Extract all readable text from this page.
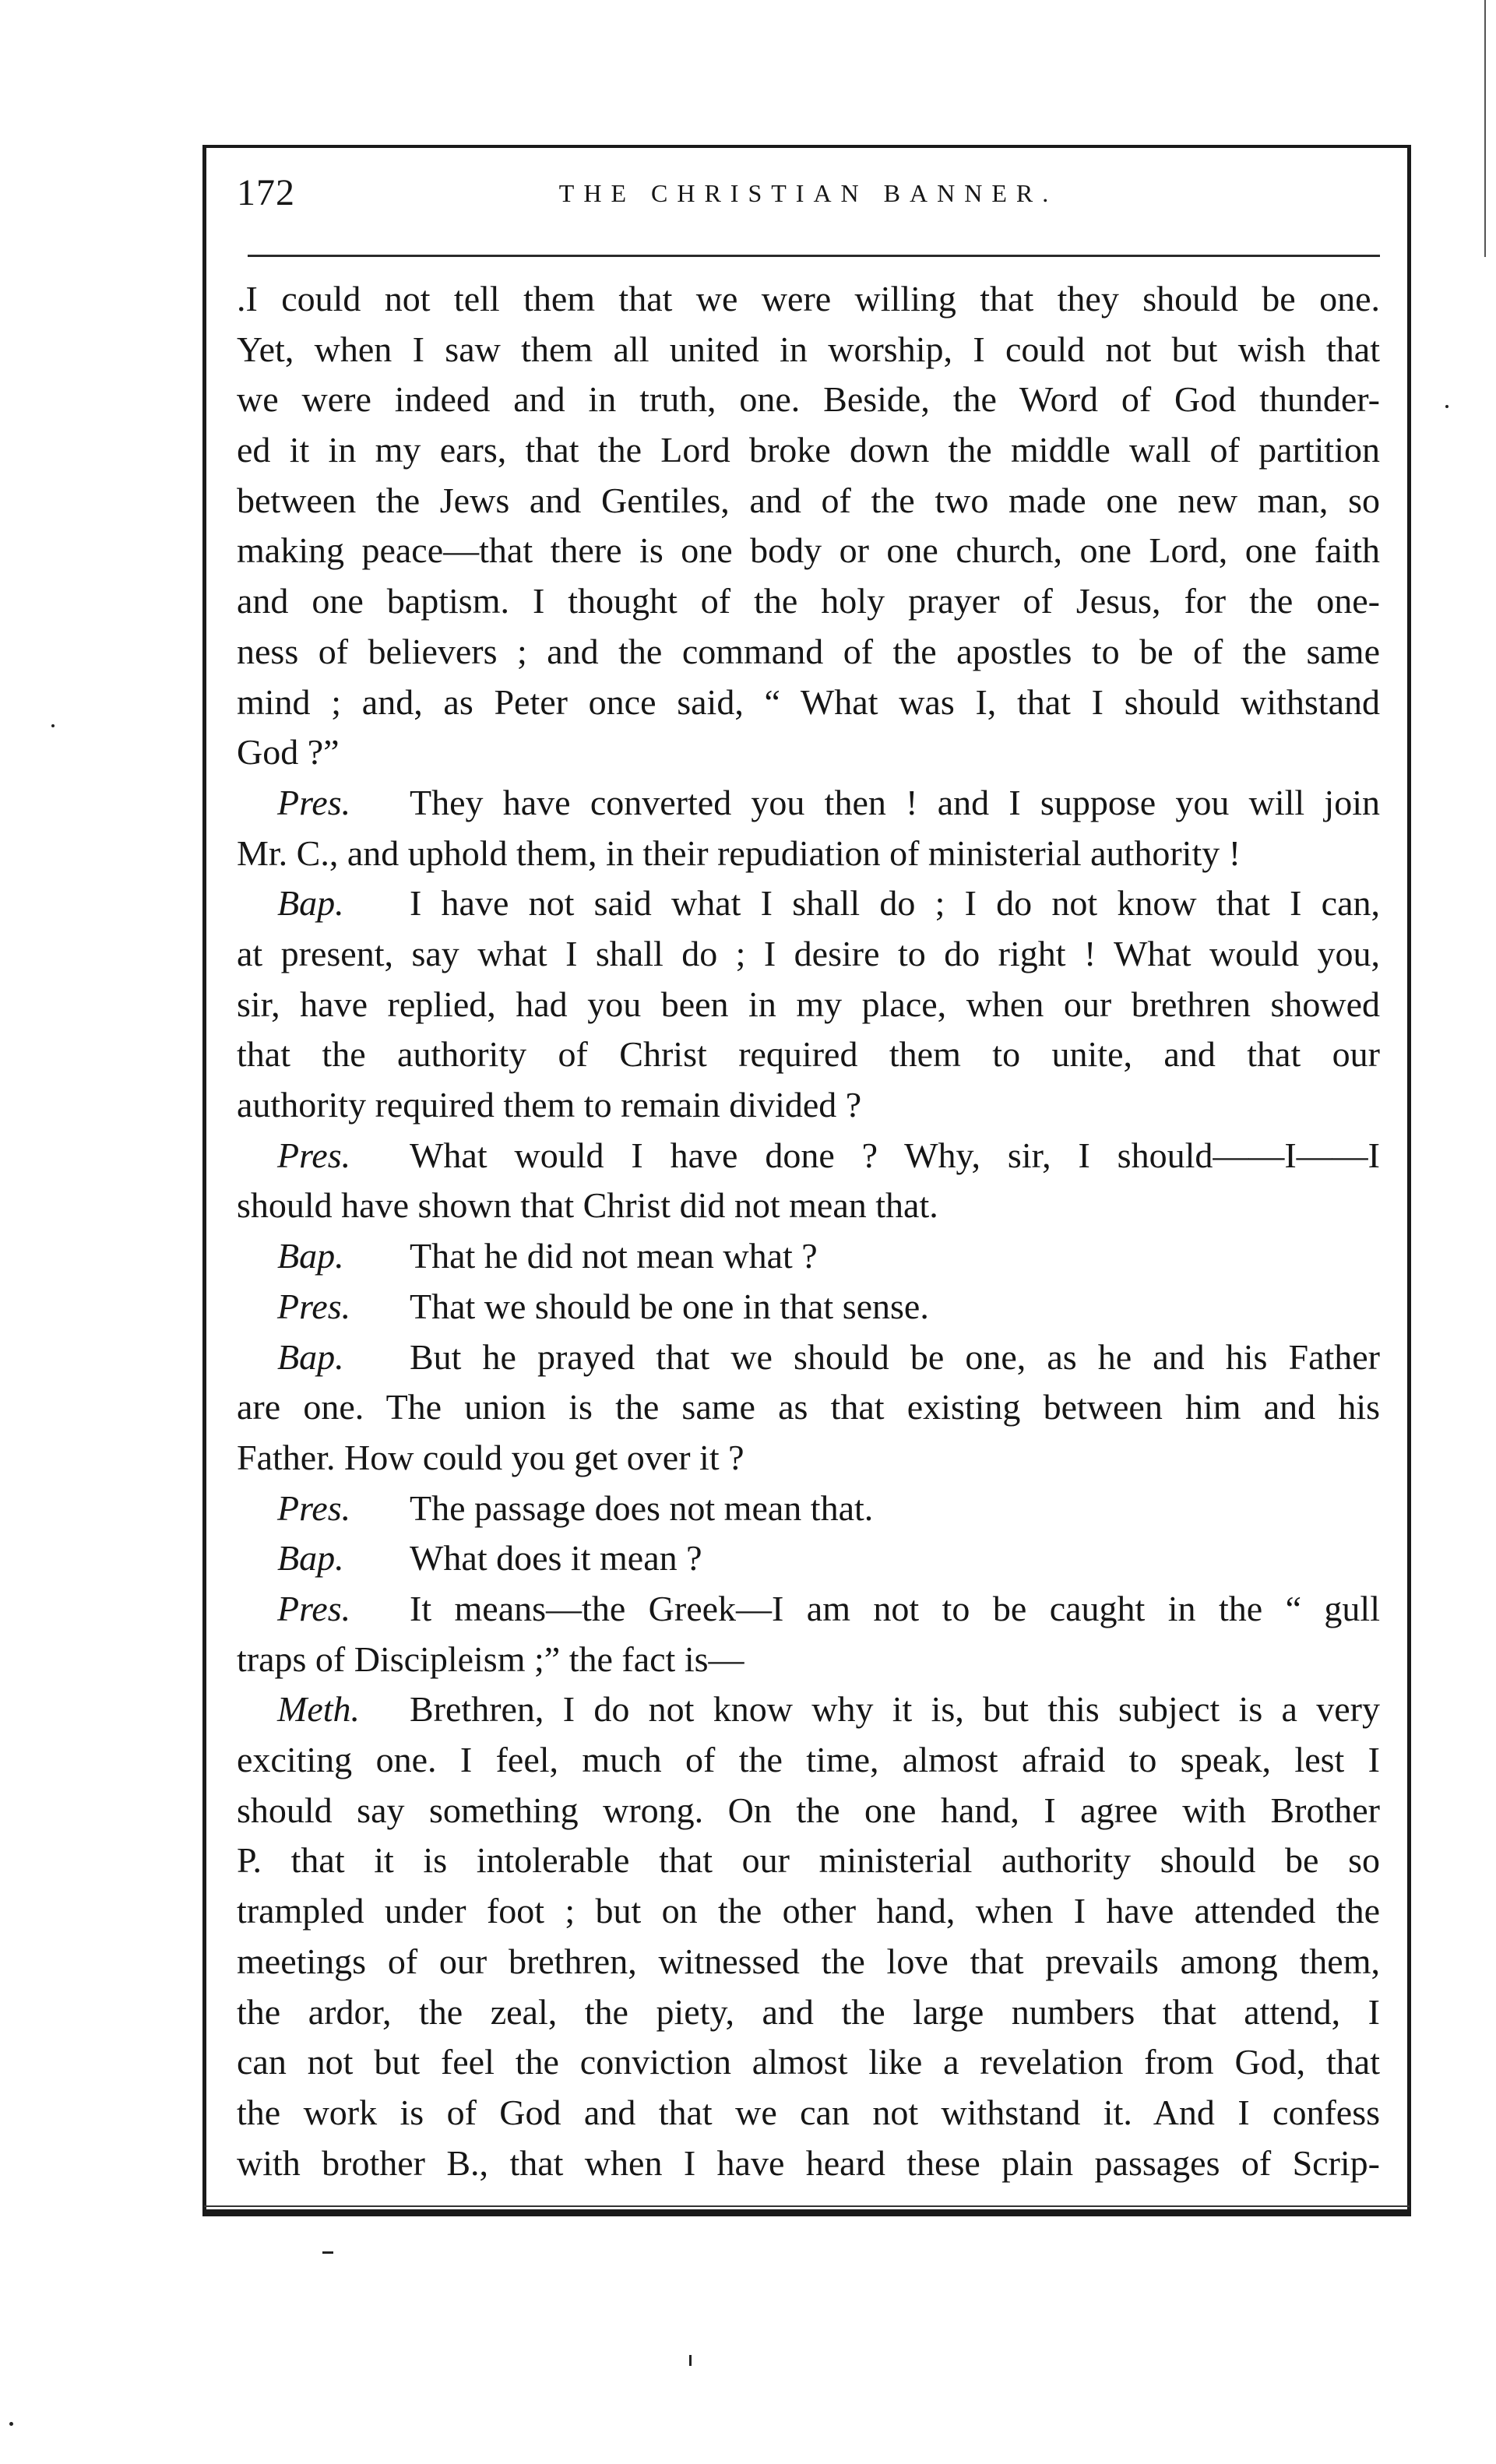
172	THE CHRISTIAN BANNER.
.I could not tell them that we were willing that they should be one.
Yet, when I saw them all united in worship, I could not but wish that
we were indeed and in truth, one. Beside, the Word of God thunder-
ed it in my ears, that the Lord broke down the middle wall of partition
between the Jews and Gentiles, and of the two made one new man, so
making peace—that there is one body or one church, one Lord, one faith
and one baptism. I thought of the holy prayer of Jesus, for the one-
ness of believers ; and the command of the apostles to be of the same
mind ; and, as Peter once said, “ What was I, that I should withstand
God ?”
Pres.	They have converted you then ! and I suppose you will join
Mr. C., and uphold them, in their repudiation of ministerial authority !
Bap.	I have not said what I shall do ; I do not know that I can,
at present, say what I shall do ; I desire to do right ! What would you,
sir, have replied, had you been in my place, when our brethren showed
that the authority of Christ required them to unite, and that our
authority required them to remain divided ?
Pres.	What would I have done ? Why, sir, I should——I——I
should have shown that Christ did not mean that.
Bap.	That he did not mean what ?
Pres.	That we should be one in that sense.
Bap.	But he prayed that we should be one, as he and his Father
are one. The union is the same as that existing between him and his
Father. How could you get over it ?
Pres.	The passage does not mean that.
Bap.	What does it mean ?
Pres.	It means—the Greek—I am not to be caught in the “ gull
traps of Discipleism ;” the fact is—
Meth.	Brethren, I do not know why it is, but this subject is a very
exciting one. I feel, much of the time, almost afraid to speak, lest I
should say something wrong. On the one hand, I agree with Brother
P. that it is intolerable that our ministerial authority should be so
trampled under foot ; but on the other hand, when I have attended the
meetings of our brethren, witnessed the love that prevails among them,
the ardor, the zeal, the piety, and the large numbers that attend, I
can not but feel the conviction almost like a revelation from God, that
the work is of God and that we can not withstand it. And I confess
with brother B., that when I have heard these plain passages of Scrip-
